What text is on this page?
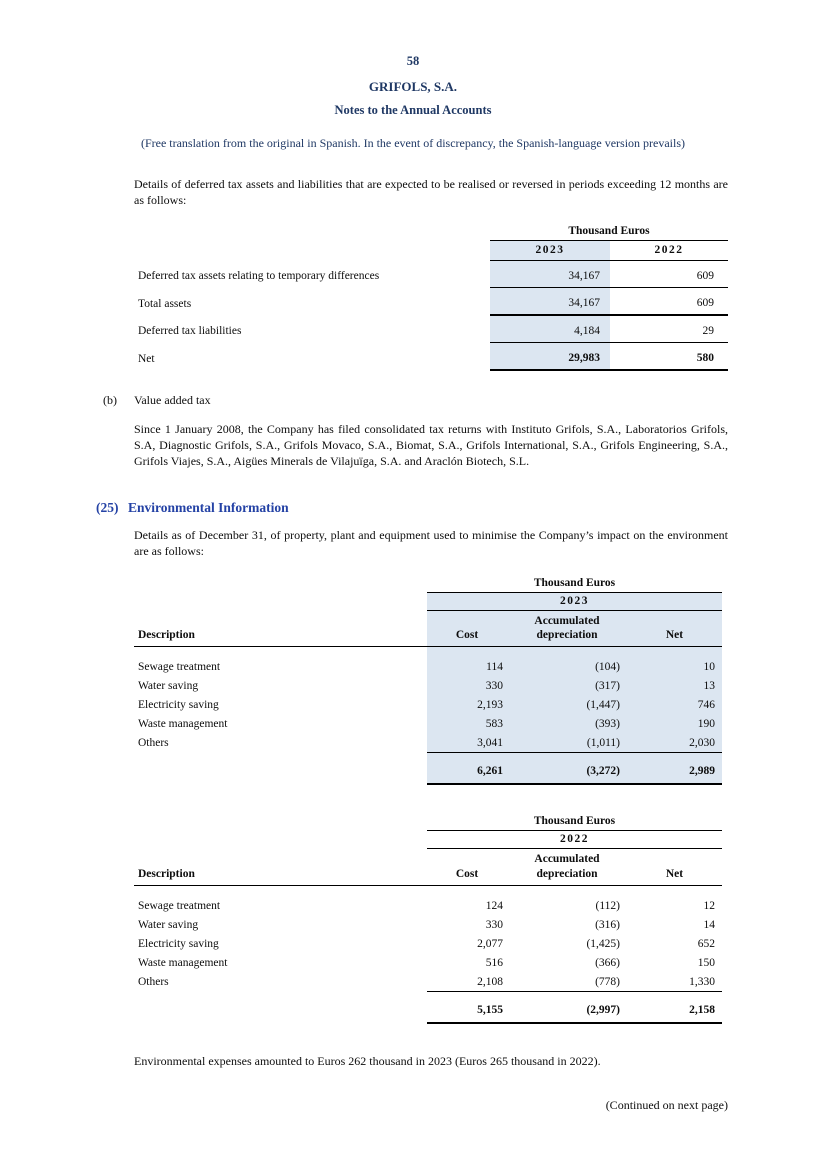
58
GRIFOLS, S.A.
Notes to the Annual Accounts
(Free translation from the original in Spanish. In the event of discrepancy, the Spanish-language version prevails)

Details of deferred tax assets and liabilities that are expected to be realised or reversed in periods exceeding 12 months are as follows:

	Thousand Euros	
	2023	2022
Deferred tax assets relating to temporary differences	34,167	609
Total assets	34,167	609
Deferred tax liabilities	4,184	29
Net	29,983	580
(b) Value added tax

Since 1 January 2008, the Company has filed consolidated tax returns with Instituto Grifols, S.A., Laboratorios Grifols, S.A, Diagnostic Grifols, S.A., Grifols Movaco, S.A., Biomat, S.A., Grifols International, S.A., Grifols Engineering, S.A., Grifols Viajes, S.A., Aigües Minerals de Vilajuïga, S.A. and Araclón Biotech, S.L.

(25) Environmental Information

Details as of December 31, of property, plant and equipment used to minimise the Company’s impact on the environment are as follows:

	Thousand Euros		
	2023		
Description	Cost	Accumulated depreciation	Net

Sewage treatment	114	(104)	10
Water saving	330	(317)	13
Electricity saving	2,193	(1,447)	746
Waste management	583	(393)	190
Others	3,041	(1,011)	2,030
	6,261	(3,272)	2,989
	Thousand Euros		
	2022		
Description	Cost	Accumulated depreciation	Net

Sewage treatment	124	(112)	12
Water saving	330	(316)	14
Electricity saving	2,077	(1,425)	652
Waste management	516	(366)	150
Others	2,108	(778)	1,330
	5,155	(2,997)	2,158

Environmental expenses amounted to Euros 262 thousand in 2023 (Euros 265 thousand in 2022).

(Continued on next page)
